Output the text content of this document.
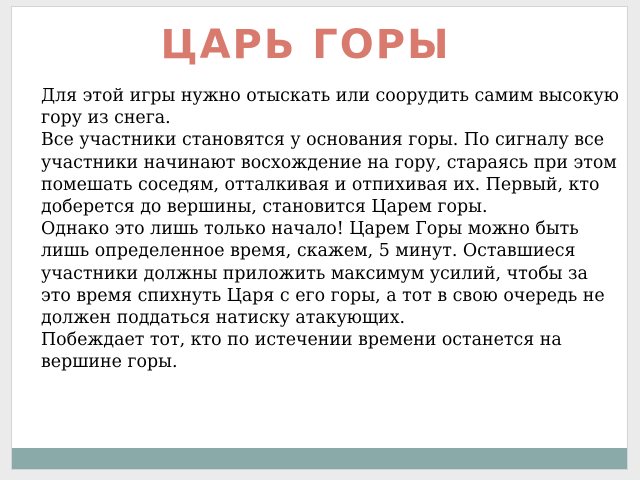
ЦАРЬ ГОРЫ

Для этой игры нужно отыскать или соорудить самим высокую гору из снега.

Все участники становятся у основания горы. По сигналу все участники начинают восхождение на гору, стараясь при этом помешать соседям, отталкивая и отпихивая их. Первый, кто доберется до вершины, становится Царем горы.

Однако это лишь только начало! Царем Горы можно быть лишь определенное время, скажем, 5 минут. Оставшиеся участники должны приложить максимум усилий, чтобы за это время спихнуть Царя с его горы, а тот в свою очередь не должен поддаться натиску атакующих.

Побеждает тот, кто по истечении времени останется на вершине горы.
